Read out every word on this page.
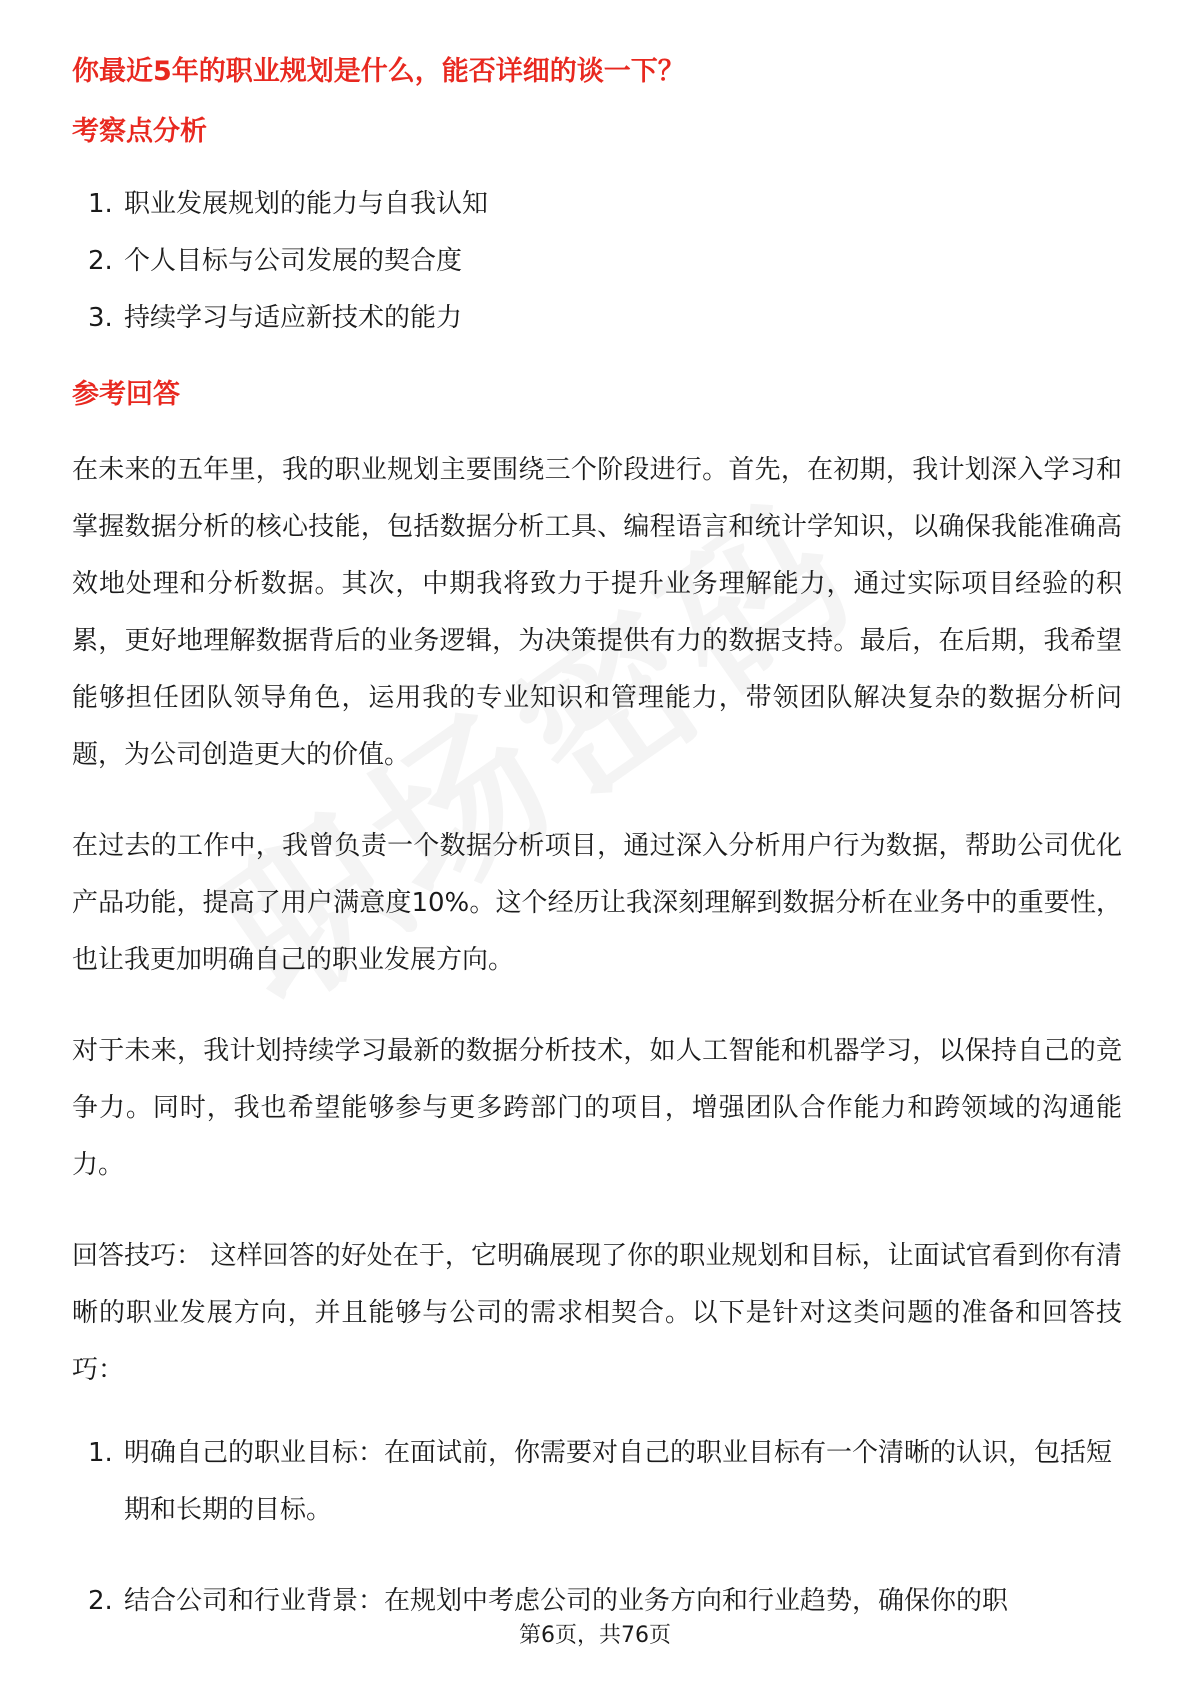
你最近5年的职业规划是什么，能否详细的谈一下？
考察点分析
1. 职业发展规划的能力与自我认知
2. 个人目标与公司发展的契合度
3. 持续学习与适应新技术的能力
参考回答

在未来的五年里，我的职业规划主要围绕三个阶段进行。首先，在初期，我计划深入学习和掌握数据分析的核心技能，包括数据分析工具、编程语言和统计学知识，以确保我能准确高效地处理和分析数据。其次，中期我将致力于提升业务理解能力，通过实际项目经验的积累，更好地理解数据背后的业务逻辑，为决策提供有力的数据支持。最后，在后期，我希望能够担任团队领导角色，运用我的专业知识和管理能力，带领团队解决复杂的数据分析问题，为公司创造更大的价值。

在过去的工作中，我曾负责一个数据分析项目，通过深入分析用户行为数据，帮助公司优化产品功能，提高了用户满意度10%。这个经历让我深刻理解到数据分析在业务中的重要性，也让我更加明确自己的职业发展方向。

对于未来，我计划持续学习最新的数据分析技术，如人工智能和机器学习，以保持自己的竞争力。同时，我也希望能够参与更多跨部门的项目，增强团队合作能力和跨领域的沟通能力。

回答技巧： 这样回答的好处在于，它明确展现了你的职业规划和目标，让面试官看到你有清晰的职业发展方向，并且能够与公司的需求相契合。以下是针对这类问题的准备和回答技巧：

1. 明确自己的职业目标：在面试前，你需要对自己的职业目标有一个清晰的认识，包括短期和长期的目标。
2. 结合公司和行业背景：在规划中考虑公司的业务方向和行业趋势，确保你的职
第6页，共76页
